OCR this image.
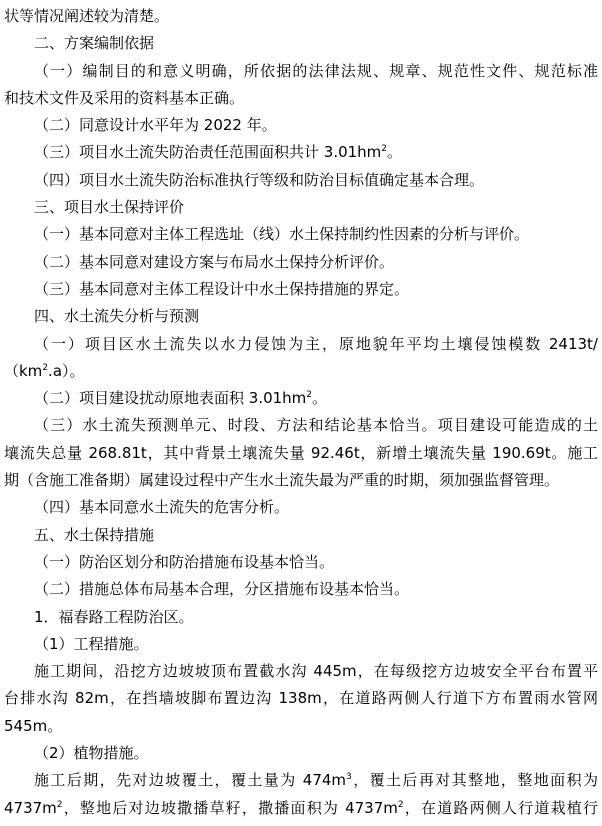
状等情况阐述较为清楚。
二、方案编制依据
（一）编制目的和意义明确，所依据的法律法规、规章、规范性文件、规范标准
和技术文件及采用的资料基本正确。
（二）同意设计水平年为 2022 年。
（三）项目水土流失防治责任范围面积共计 $3.01hm^2$。
（四）项目水土流失防治标准执行等级和防治目标值确定基本合理。
三、项目水土保持评价
（一）基本同意对主体工程选址（线）水土保持制约性因素的分析与评价。
（二）基本同意对建设方案与布局水土保持分析评价。
（三）基本同意对主体工程设计中水土保持措施的界定。
四、水土流失分析与预测
（一）项目区水土流失以水力侵蚀为主，原地貌年平均土壤侵蚀模数 2413t/
$(km^2.a)$。
（二）项目建设扰动原地表面积 $3.01hm^2$。
（三）水土流失预测单元、时段、方法和结论基本恰当。项目建设可能造成的土
壤流失总量 268.81t，其中背景土壤流失量 92.46t，新增土壤流失量 190.69t。施工
期（含施工准备期）属建设过程中产生水土流失最为严重的时期，须加强监督管理。
（四）基本同意水土流失的危害分析。
五、水土保持措施
（一）防治区划分和防治措施布设基本恰当。
（二）措施总体布局基本合理，分区措施布设基本恰当。
1．福春路工程防治区。
（1）工程措施。
施工期间，沿挖方边坡坡顶布置截水沟 445m，在每级挖方边坡安全平台布置平
台排水沟 82m，在挡墙坡脚布置边沟 138m，在道路两侧人行道下方布置雨水管网
545m。
（2）植物措施。
施工后期，先对边坡覆土，覆土量为 $474m^3$，覆土后再对其整地，整地面积为
$4737m^2$，整地后对边坡撒播草籽，撒播面积为 $4737m^2$，在道路两侧人行道栽植行
